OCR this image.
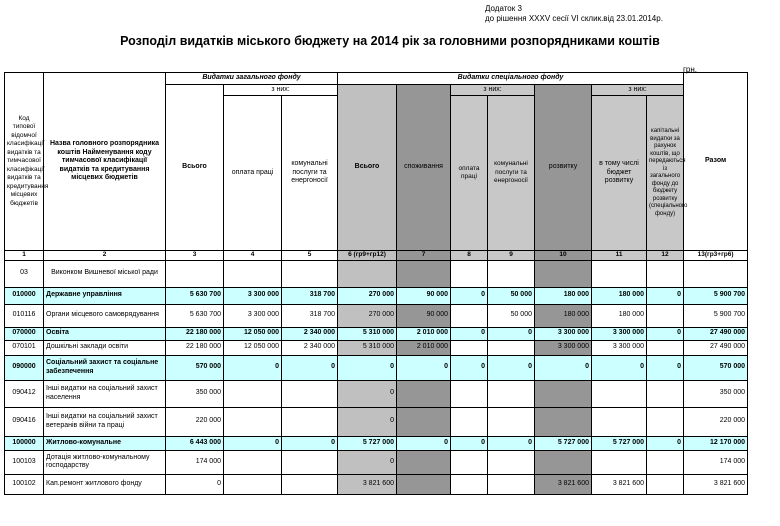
Додаток 3
до рішення XXXV сесії VI склик.від 23.01.2014р.
Розподіл видатків міського бюджету на 2014 рік за головними розпорядниками коштів
грн.
Код типової відомчої класифікації видатків та тимчасової класифікації видатків та кредитування місцевих бюджетів	Назва головного розпорядника коштів Найменування коду тимчасової класифікації видатків та кредитування місцевих бюджетів	Видатки загального фонду			Видатки спеціального фонду							Разом
		Всього	з них:		Всього	споживання	з них:		розвитку	з них:		
			оплата праці	комунальні послуги та енергоносії			оплата праці	комунальні послуги та енергоносії		в тому числі бюджет розвитку	капітальні видатки за рахунок коштів, що передаються із загального фонду до бюджету розвитку (спеціального фонду)	
1	2	3	4	5	6 (гр9+гр12)	7	8	9	10	11	12	13(гр3+гр6)
03	Виконком Вишневої міської ради											
010000	Державне управління	5 630 700	3 300 000	318 700	270 000	90 000	0	50 000	180 000	180 000	0	5 900 700
010116	Органи місцевого самоврядування	5 630 700	3 300 000	318 700	270 000	90 000		50 000	180 000	180 000		5 900 700
070000	Освіта	22 180 000	12 050 000	2 340 000	5 310 000	2 010 000	0	0	3 300 000	3 300 000	0	27 490 000
070101	Дошкільні заклади освіти	22 180 000	12 050 000	2 340 000	5 310 000	2 010 000			3 300 000	3 300 000		27 490 000
090000	Соціальний захист та соціальне забезпечення	570 000	0	0	0	0	0	0	0	0	0	570 000
090412	Інші видатки на соціальний захист населення	350 000			0							350 000
090416	Інші видатки на соціальний захист ветеранів війни та праці	220 000			0							220 000
100000	Житлово-комунальне	6 443 000	0	0	5 727 000	0	0	0	5 727 000	5 727 000	0	12 170 000
100103	Дотація житлово-комунальному господарству	174 000			0							174 000
100102	Кап.ремонт житлового фонду	0			3 821 600				3 821 600	3 821 600		3 821 600
